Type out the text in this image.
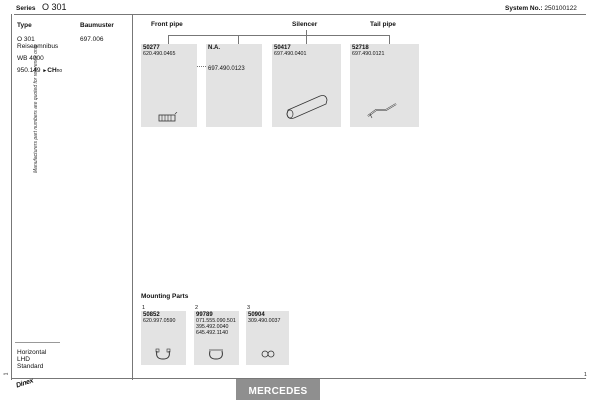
Series O 301	System No.: 250100122
Manufacturers part numbers are quoted for reference only
Type	Baumuster
O 301
Reiseomnibus
697.006
WB 4000
950.149 ►CHno
Horizontal
LHD
Standard
Front pipe	Silencer	Tail pipe
50277
620.490.0465
N.A.
697.490.0123
50417
697.490.0401
52718
697.490.0121
Mounting Parts
1	2	3
50852
620.997.0590
99789
071.555.090.501
395.492.0040
645.492.1140
50904
309.490.0037
1	1
Dinex
MERCEDES
